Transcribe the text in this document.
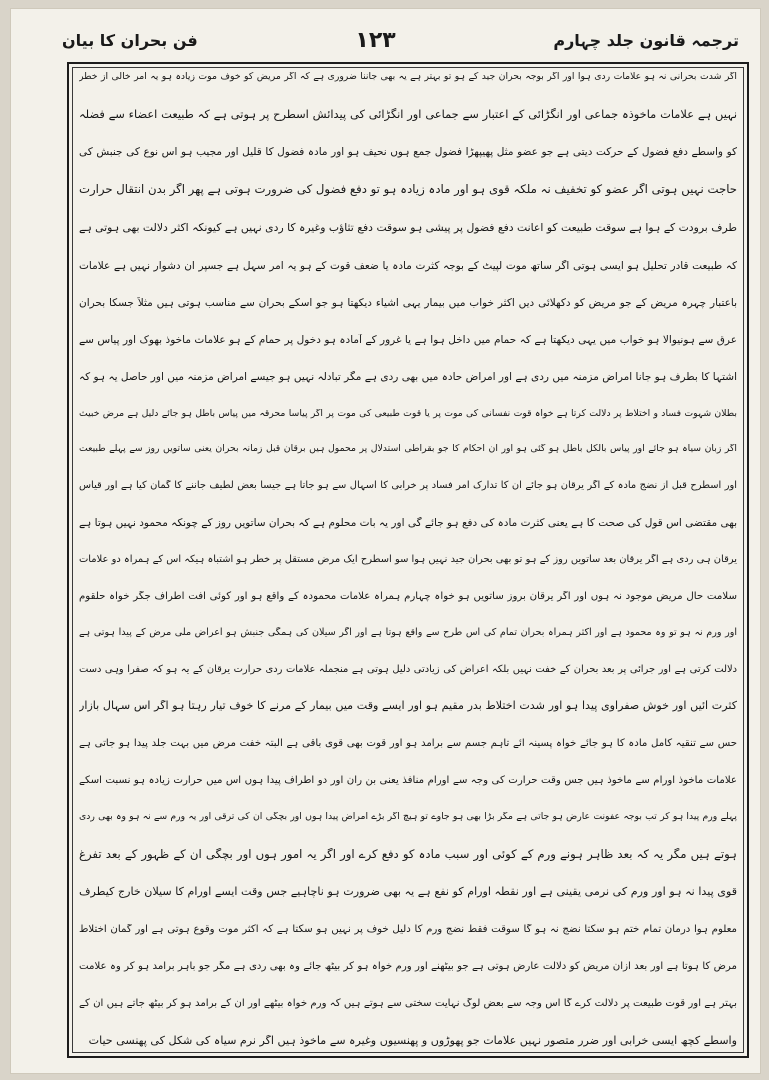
ترجمہ قانون جلد چہارم
۱۲۳
فن بحران کا بیان
اگر شدت بحرانی نہ ہو علامات ردی ہوا اور اگر بوجہ بحران جید کے ہو تو بہتر ہے یہ بھی جاننا ضروری ہے کہ اگر مریض کو خوف موت زیادہ ہو یہ امر خالی از خطر
نہیں ہے علامات ماخوذہ جماعی اور انگڑائی کے اعتبار سے جماعی اور انگڑائی کی پیدائش اسطرح پر ہوتی ہے کہ طبیعت اعضاء سے فضلہ
کو واسطے دفع فضول کے حرکت دیتی ہے جو عضو مثل پھیپھڑا فضول جمع ہوں نحیف ہو اور مادہ فضول کا قلیل اور مجیب ہو اس نوع کی جنبش کی
حاجت نہیں ہوتی اگر عضو کو تخفیف نہ ملکہ قوی ہو اور مادہ زیادہ ہو تو دفع فضول کی ضرورت ہوتی ہے پھر اگر بدن انتقال حرارت
طرف برودت کے ہوا ہے سوقت طبیعت کو اعانت دفع فضول پر پیشی ہو سوقت دفع تثاؤب وغیرہ کا ردی نہیں ہے کیونکہ اکثر دلالت بھی ہوتی ہے
کہ طبیعت قادر تحلیل ہو ایسی ہوتی اگر ساتھ موت لپیٹ کے بوجہ کثرت مادہ یا ضعف قوت کے ہو یہ امر سہل ہے جسپر ان دشوار نہیں ہے علامات
باعتبار چہرہ مریض کے جو مریض کو دکھلائی دیں اکثر خواب میں بیمار یہی اشیاء دیکھتا ہو جو اسکے بحران سے مناسب ہوتی ہیں مثلاً جسکا بحران
عرق سے ہونیوالا ہو خواب میں یہی دیکھتا ہے کہ حمام میں داخل ہوا ہے یا غرور کے آمادہ ہو دخول پر حمام کے ہو علامات ماخوذ بھوک اور پیاس سے
اشتہا کا بطرف ہو جانا امراض مزمنہ میں ردی ہے اور امراض حادہ میں بھی ردی ہے مگر تبادلہ نہیں ہو جیسے امراض مزمنہ میں اور حاصل یہ ہو کہ
بطلان شہوت فساد و اختلاط پر دلالت کرتا ہے خواہ قوت نفسانی کی موت پر یا قوت طبیعی کی موت پر اگر پیاسا محرقہ میں پیاس باطل ہو جائے دلیل ہے مرض خبیث
اگر زبان سیاہ ہو جائے اور پیاس بالکل باطل ہو گئی ہو اور ان احکام کا جو بقراطی استدلال پر محمول ہیں برقان قبل زمانہ بحران یعنی ساتویں روز سے پہلے طبیعت
اور اسطرح قبل از نضج مادہ کے اگر یرقان ہو جائے ان کا تدارک امر فساد پر خرابی کا اسہال سے ہو جاتا ہے جیسا بعض لطیف جاننے کا گمان کیا ہے اور قیاس
بھی مقتضی اس قول کی صحت کا ہے یعنی کثرت مادہ کی دفع ہو جائے گی اور یہ بات محلوم ہے کہ بحران ساتویں روز کے چونکہ محمود نہیں ہوتا ہے
یرقان ہی ردی ہے اگر یرقان بعد ساتویں روز کے ہو تو بھی بحران جید نہیں ہوا سو اسطرح ایک مرض مستقل پر خطر ہو اشتباہ ہیکہ اس کے ہمراہ دو علامات
سلامت حال مریض موجود نہ ہوں اور اگر یرقان بروز ساتویں ہو خواہ چہارم ہمراہ علامات محمودہ کے واقع ہو اور کوئی آفت اطراف جگر خواہ حلقوم
اور ورم نہ ہو تو وہ محمود ہے اور اکثر ہمراہ بحران تمام کی اس طرح سے واقع ہوتا ہے اور اگر سیلان کی ہمگی جنبش ہو اعراض ملی مرض کے پیدا ہوتی ہے
دلالت کرتی ہے اور جرائی پر بعد بحران کے خفت نہیں بلکہ اعراض کی زیادتی دلیل ہوتی ہے منجملہ علامات ردی حرارت یرقان کے یہ ہو کہ صفرا وہی دست
کثرت آئیں اور خوش صفراوی پیدا ہو اور شدت اختلاط بدر مقیم ہو اور ایسے وقت میں بیمار کے مرنے کا خوف تیار رہتا ہو اگر اس سہال بازار
حس سے تنقیہ کامل مادہ کا ہو جائے خواہ پسینہ آئے تاہم جسم سے برآمد ہو اور قوت بھی قوی باقی ہے البتہ خفت مرض میں بہت جلد پیدا ہو جاتی ہے
علامات ماخوذ اورام سے ماخوذ ہیں جس وقت حرارت کی وجہ سے اورام منافذ یعنی بن ران اور دو اطراف پیدا ہوں اس میں حرارت زیادہ ہو نسبت اسکے
پہلے ورم پیدا ہو کر تب بوجہ عفونت عارض ہو جاتی ہے مگر بڑا بھی ہو جاوے تو ہیچ اگر بڑے امراض پیدا ہوں اور بچگی ان کی ترقی اور یہ ورم سے نہ ہو وہ بھی ردی
ہوتے ہیں مگر یہ کہ بعد ظاہر ہونے ورم کے کوئی اور سبب مادہ کو دفع کرے اور اگر یہ امور ہوں اور بچگی ان کے ظہور کے بعد تفرغ
قوی پیدا نہ ہو اور ورم کی نرمی یقینی ہے اور نقطہ اورام کو نفع ہے یہ بھی ضرورت ہو ناچاہیے جس وقت ایسے اورام کا سیلان خارج کیطرف
معلوم ہوا درمان تمام ختم ہو سکتا نضج نہ ہو گا سوقت فقط نضج ورم کا دلیل خوف پر نہیں ہو سکتا ہے کہ اکثر موت وقوع ہوتی ہے اور گمان اختلاط
مرض کا ہوتا ہے اور بعد ازان مریض کو دلالت عارض ہوتی ہے جو بیٹھنے اور ورم خواہ ہو کر بیٹھ جائے وہ بھی ردی ہے مگر جو باہر برآمد ہو کر وہ علامت
بہتر ہے اور قوت طبیعت پر دلالت کرے گا اس وجہ سے بعض لوگ نہایت سختی سے ہوتے ہیں کہ ورم خواہ بیٹھے اور ان کے برآمد ہو کر بیٹھ جاتے ہیں ان کے
واسطے کچھ ایسی خرابی اور ضرر متصور نہیں علامات جو پھوڑوں و پھنسیوں وغیرہ سے ماخوذ ہیں اگر نرم سیاہ کی شکل کی پھنسی حیات
